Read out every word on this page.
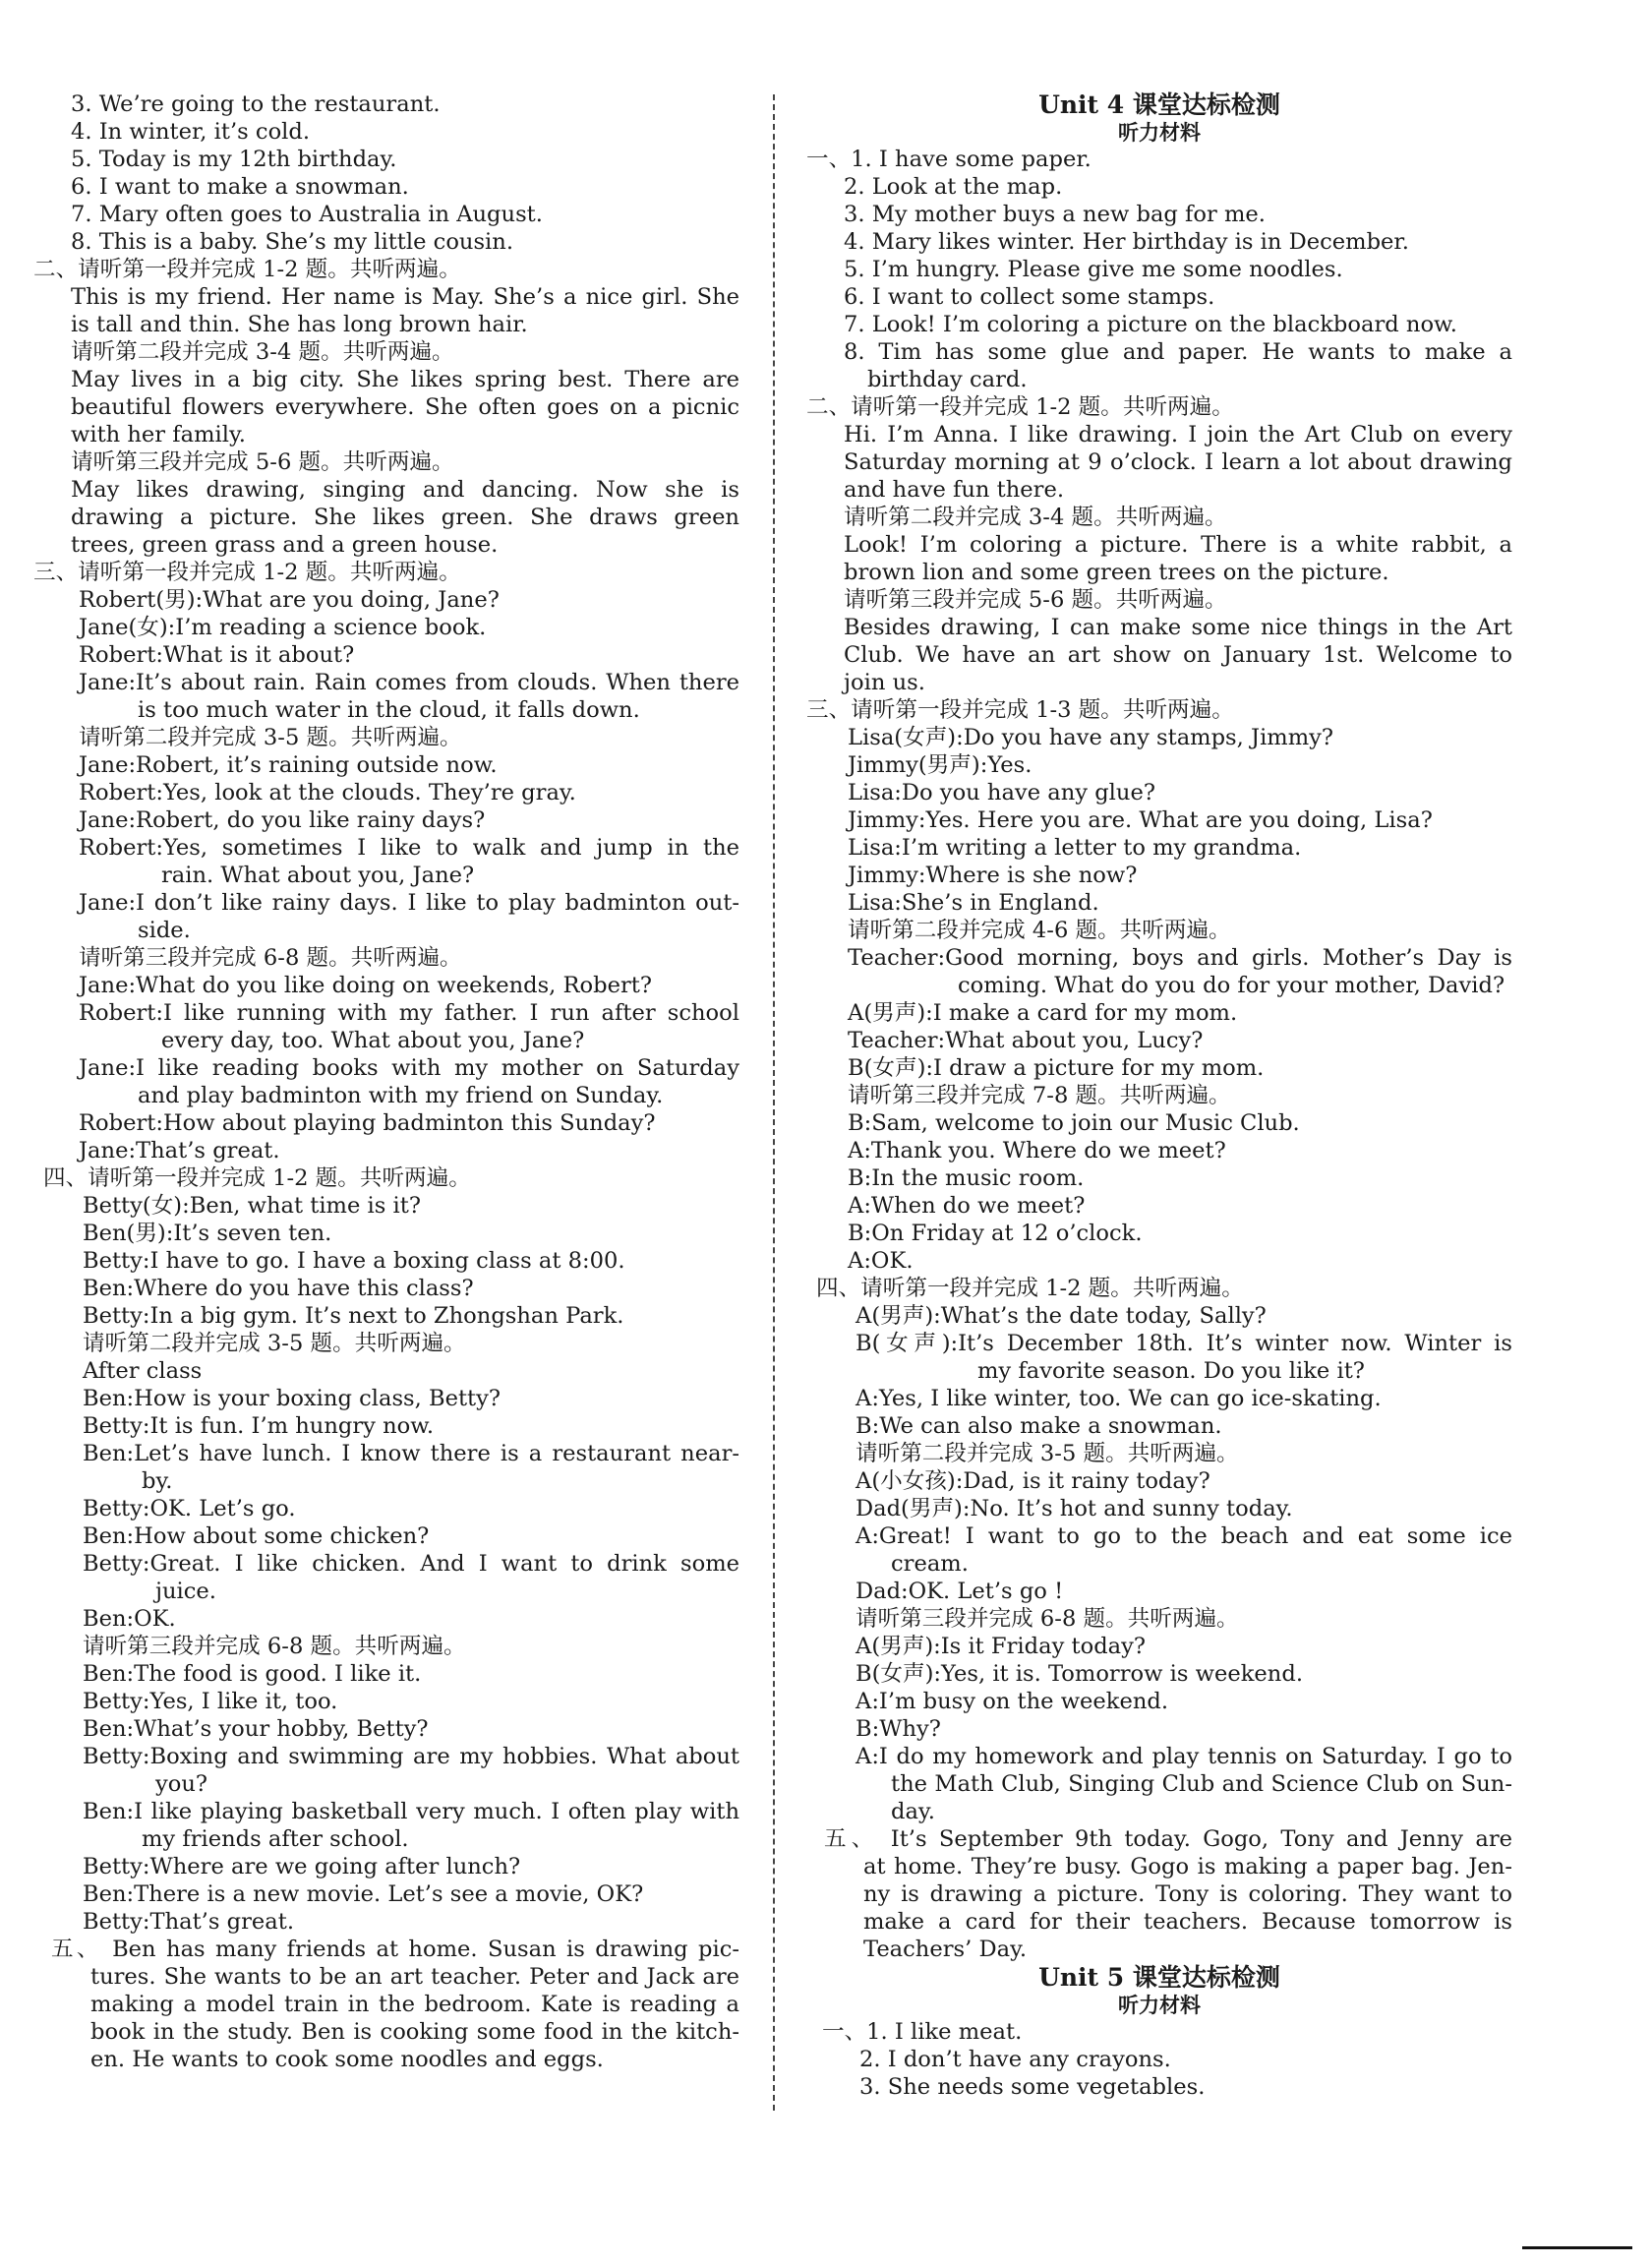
3. We’re going to the restaurant.
4. In winter, it’s cold.
5. Today is my 12th birthday.
6. I want to make a snowman.
7. Mary often goes to Australia in August.
8. This is a baby. She’s my little cousin.
二、请听第一段并完成 1-2 题。共听两遍。
This is my friend. Her name is May. She’s a nice girl. She
is tall and thin. She has long brown hair.
请听第二段并完成 3-4 题。共听两遍。
May lives in a big city. She likes spring best. There are
beautiful flowers everywhere. She often goes on a picnic
with her family.
请听第三段并完成 5-6 题。共听两遍。
May likes drawing, singing and dancing. Now she is
drawing a picture. She likes green. She draws green
trees, green grass and a green house.
三、请听第一段并完成 1-2 题。共听两遍。
Robert(男):What are you doing, Jane?
Jane(女):I’m reading a science book.
Robert:What is it about?
Jane:It’s about rain. Rain comes from clouds. When there
is too much water in the cloud, it falls down.
请听第二段并完成 3-5 题。共听两遍。
Jane:Robert, it’s raining outside now.
Robert:Yes, look at the clouds. They’re gray.
Jane:Robert, do you like rainy days?
Robert:Yes, sometimes I like to walk and jump in the
rain. What about you, Jane?
Jane:I don’t like rainy days. I like to play badminton out-
side.
请听第三段并完成 6-8 题。共听两遍。
Jane:What do you like doing on weekends, Robert?
Robert:I like running with my father. I run after school
every day, too. What about you, Jane?
Jane:I like reading books with my mother on Saturday
and play badminton with my friend on Sunday.
Robert:How about playing badminton this Sunday?
Jane:That’s great.
四、请听第一段并完成 1-2 题。共听两遍。
Betty(女):Ben, what time is it?
Ben(男):It’s seven ten.
Betty:I have to go. I have a boxing class at 8:00.
Ben:Where do you have this class?
Betty:In a big gym. It’s next to Zhongshan Park.
请听第二段并完成 3-5 题。共听两遍。
After class
Ben:How is your boxing class, Betty?
Betty:It is fun. I’m hungry now.
Ben:Let’s have lunch. I know there is a restaurant near-
by.
Betty:OK. Let’s go.
Ben:How about some chicken?
Betty:Great. I like chicken. And I want to drink some
juice.
Ben:OK.
请听第三段并完成 6-8 题。共听两遍。
Ben:The food is good. I like it.
Betty:Yes, I like it, too.
Ben:What’s your hobby, Betty?
Betty:Boxing and swimming are my hobbies. What about
you?
Ben:I like playing basketball very much. I often play with
my friends after school.
Betty:Where are we going after lunch?
Ben:There is a new movie. Let’s see a movie, OK?
Betty:That’s great.
五、 Ben has many friends at home. Susan is drawing pic-
tures. She wants to be an art teacher. Peter and Jack are
making a model train in the bedroom. Kate is reading a
book in the study. Ben is cooking some food in the kitch-
en. He wants to cook some noodles and eggs.
Unit 4 课堂达标检测
听力材料
一、1. I have some paper.
2. Look at the map.
3. My mother buys a new bag for me.
4. Mary likes winter. Her birthday is in December.
5. I’m hungry. Please give me some noodles.
6. I want to collect some stamps.
7. Look! I’m coloring a picture on the blackboard now.
8. Tim has some glue and paper. He wants to make a
birthday card.
二、请听第一段并完成 1-2 题。共听两遍。
Hi. I’m Anna. I like drawing. I join the Art Club on every
Saturday morning at 9 o’clock. I learn a lot about drawing
and have fun there.
请听第二段并完成 3-4 题。共听两遍。
Look! I’m coloring a picture. There is a white rabbit, a
brown lion and some green trees on the picture.
请听第三段并完成 5-6 题。共听两遍。
Besides drawing, I can make some nice things in the Art
Club. We have an art show on January 1st. Welcome to
join us.
三、请听第一段并完成 1-3 题。共听两遍。
Lisa(女声):Do you have any stamps, Jimmy?
Jimmy(男声):Yes.
Lisa:Do you have any glue?
Jimmy:Yes. Here you are. What are you doing, Lisa?
Lisa:I’m writing a letter to my grandma.
Jimmy:Where is she now?
Lisa:She’s in England.
请听第二段并完成 4-6 题。共听两遍。
Teacher:Good morning, boys and girls. Mother’s Day is
coming. What do you do for your mother, David?
A(男声):I make a card for my mom.
Teacher:What about you, Lucy?
B(女声):I draw a picture for my mom.
请听第三段并完成 7-8 题。共听两遍。
B:Sam, welcome to join our Music Club.
A:Thank you. Where do we meet?
B:In the music room.
A:When do we meet?
B:On Friday at 12 o’clock.
A:OK.
四、请听第一段并完成 1-2 题。共听两遍。
A(男声):What’s the date today, Sally?
B(女声):It’s December 18th. It’s winter now. Winter is
my favorite season. Do you like it?
A:Yes, I like winter, too. We can go ice-skating.
B:We can also make a snowman.
请听第二段并完成 3-5 题。共听两遍。
A(小女孩):Dad, is it rainy today?
Dad(男声):No. It’s hot and sunny today.
A:Great! I want to go to the beach and eat some ice
cream.
Dad:OK. Let’s go !
请听第三段并完成 6-8 题。共听两遍。
A(男声):Is it Friday today?
B(女声):Yes, it is. Tomorrow is weekend.
A:I’m busy on the weekend.
B:Why?
A:I do my homework and play tennis on Saturday. I go to
the Math Club, Singing Club and Science Club on Sun-
day.
五、 It’s September 9th today. Gogo, Tony and Jenny are
at home. They’re busy. Gogo is making a paper bag. Jen-
ny is drawing a picture. Tony is coloring. They want to
make a card for their teachers. Because tomorrow is
Teachers’ Day.
Unit 5 课堂达标检测
听力材料
一、1. I like meat.
2. I don’t have any crayons.
3. She needs some vegetables.
